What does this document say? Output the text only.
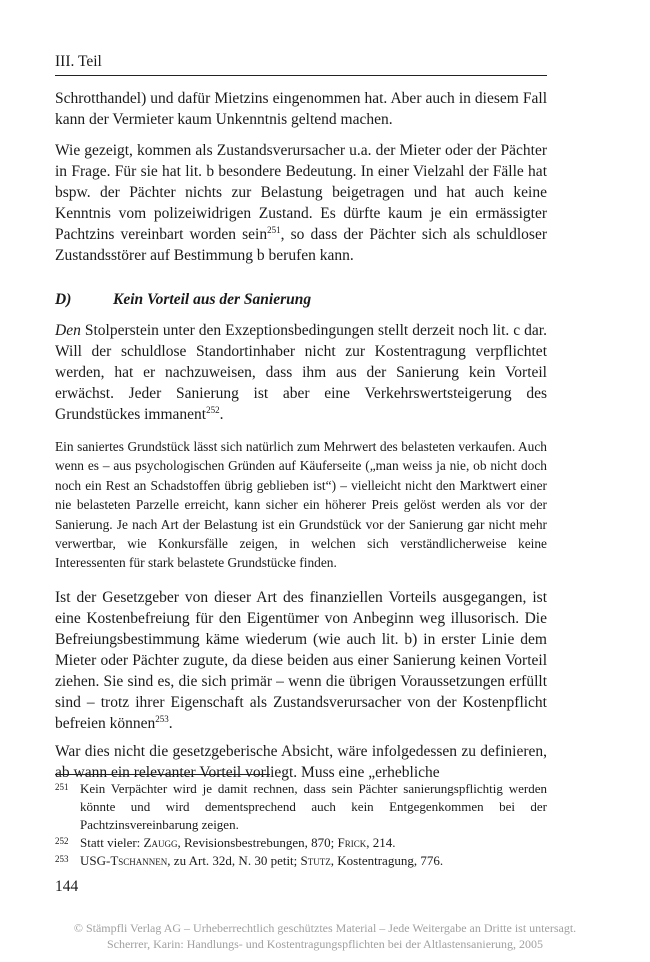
III. Teil

Schrotthandel) und dafür Mietzins eingenommen hat. Aber auch in diesem Fall kann der Vermieter kaum Unkenntnis geltend machen.

Wie gezeigt, kommen als Zustandsverursacher u.a. der Mieter oder der Pächter in Frage. Für sie hat lit. b besondere Bedeutung. In einer Vielzahl der Fälle hat bspw. der Pächter nichts zur Belastung beigetragen und hat auch keine Kenntnis vom polizeiwidrigen Zustand. Es dürfte kaum je ein ermässigter Pachtzins vereinbart worden sein$^{251}$, so dass der Pächter sich als schuldloser Zustandsstörer auf Bestimmung b berufen kann.

D)	Kein Vorteil aus der Sanierung

Den Stolperstein unter den Exzeptionsbedingungen stellt derzeit noch lit. c dar. Will der schuldlose Standortinhaber nicht zur Kostentragung verpflichtet werden, hat er nachzuweisen, dass ihm aus der Sanierung kein Vorteil erwächst. Jeder Sanierung ist aber eine Verkehrswertsteigerung des Grundstückes immanent$^{252}$.

Ein saniertes Grundstück lässt sich natürlich zum Mehrwert des belasteten verkaufen. Auch wenn es – aus psychologischen Gründen auf Käuferseite („man weiss ja nie, ob nicht doch noch ein Rest an Schadstoffen übrig geblieben ist“) – vielleicht nicht den Marktwert einer nie belasteten Parzelle erreicht, kann sicher ein höherer Preis gelöst werden als vor der Sanierung. Je nach Art der Belastung ist ein Grundstück vor der Sanierung gar nicht mehr verwertbar, wie Konkursfälle zeigen, in welchen sich verständlicherweise keine Interessenten für stark belastete Grundstücke finden.

Ist der Gesetzgeber von dieser Art des finanziellen Vorteils ausgegangen, ist eine Kostenbefreiung für den Eigentümer von Anbeginn weg illusorisch. Die Befreiungsbestimmung käme wiederum (wie auch lit. b) in erster Linie dem Mieter oder Pächter zugute, da diese beiden aus einer Sanierung keinen Vorteil ziehen. Sie sind es, die sich primär – wenn die übrigen Voraussetzungen erfüllt sind – trotz ihrer Eigenschaft als Zustandsverursacher von der Kostenpflicht befreien können$^{253}$.

War dies nicht die gesetzgeberische Absicht, wäre infolgedessen zu definieren, ab wann ein relevanter Vorteil vorliegt. Muss eine „erhebliche

251 Kein Verpächter wird je damit rechnen, dass sein Pächter sanierungspflichtig werden könnte und wird dementsprechend auch kein Entgegenkommen bei der Pachtzinsvereinbarung zeigen.
252 Statt vieler: Zaugg, Revisionsbestrebungen, 870; Frick, 214.
253 USG-Tschannen, zu Art. 32d, N. 30 petit; Stutz, Kostentragung, 776.
144
© Stämpfli Verlag AG – Urheberrechtlich geschütztes Material – Jede Weitergabe an Dritte ist untersagt.
Scherrer, Karin: Handlungs- und Kostentragungspflichten bei der Altlastensanierung, 2005
